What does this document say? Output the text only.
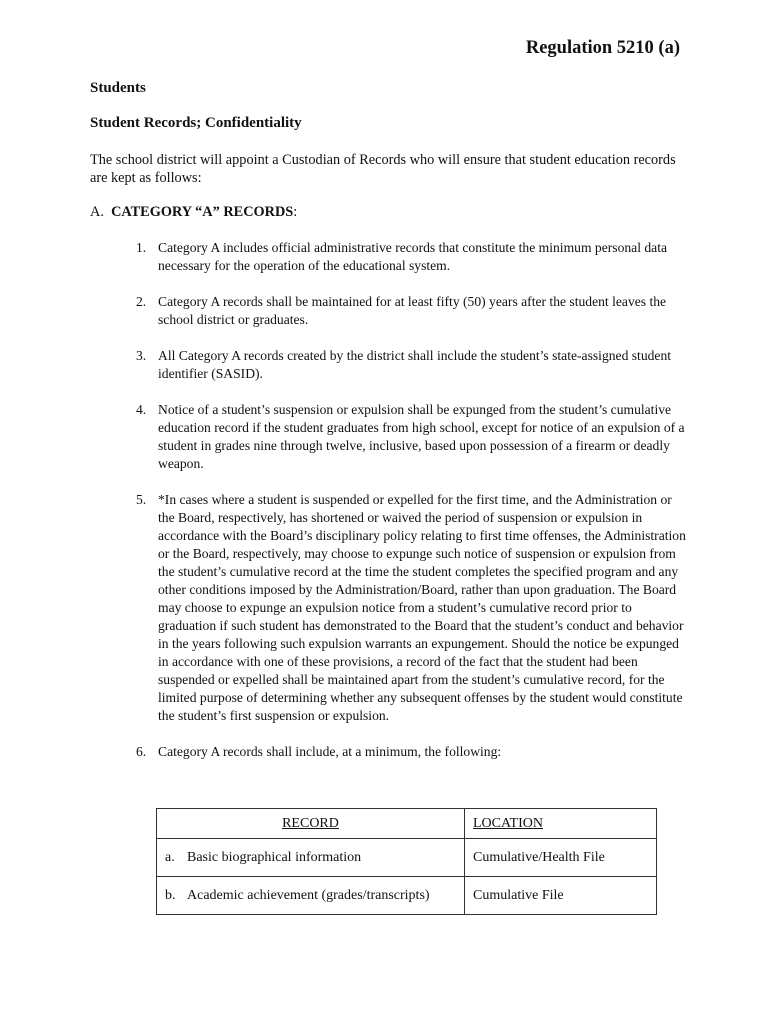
Regulation 5210 (a)
Students
Student Records; Confidentiality
The school district will appoint a Custodian of Records who will ensure that student education records are kept as follows:
A. CATEGORY “A” RECORDS:
1. Category A includes official administrative records that constitute the minimum personal data necessary for the operation of the educational system.
2. Category A records shall be maintained for at least fifty (50) years after the student leaves the school district or graduates.
3. All Category A records created by the district shall include the student’s state-assigned student identifier (SASID).
4. Notice of a student’s suspension or expulsion shall be expunged from the student’s cumulative education record if the student graduates from high school, except for notice of an expulsion of a student in grades nine through twelve, inclusive, based upon possession of a firearm or deadly weapon.
5. *In cases where a student is suspended or expelled for the first time, and the Administration or the Board, respectively, has shortened or waived the period of suspension or expulsion in accordance with the Board’s disciplinary policy relating to first time offenses, the Administration or the Board, respectively, may choose to expunge such notice of suspension or expulsion from the student’s cumulative record at the time the student completes the specified program and any other conditions imposed by the Administration/Board, rather than upon graduation. The Board may choose to expunge an expulsion notice from a student’s cumulative record prior to graduation if such student has demonstrated to the Board that the student’s conduct and behavior in the years following such expulsion warrants an expungement. Should the notice be expunged in accordance with one of these provisions, a record of the fact that the student had been suspended or expelled shall be maintained apart from the student’s cumulative record, for the limited purpose of determining whether any subsequent offenses by the student would constitute the student’s first suspension or expulsion.
6. Category A records shall include, at a minimum, the following:
RECORD	LOCATION
a. Basic biographical information	Cumulative/Health File
b. Academic achievement (grades/transcripts)	Cumulative File
